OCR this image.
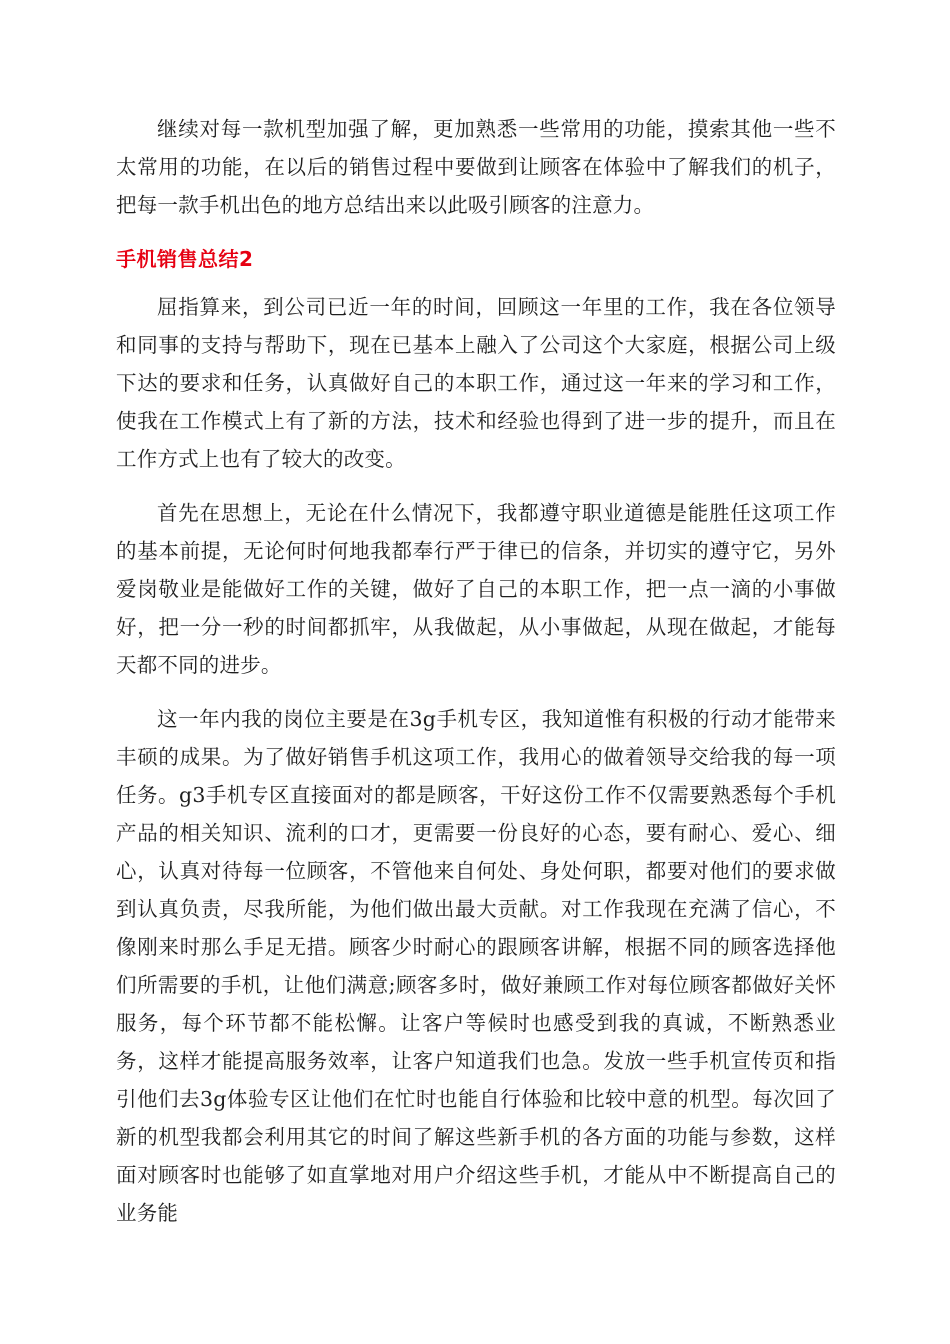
继续对每一款机型加强了解，更加熟悉一些常用的功能，摸索其他一些不太常用的功能，在以后的销售过程中要做到让顾客在体验中了解我们的机子，把每一款手机出色的地方总结出来以此吸引顾客的注意力。

手机销售总结2

屈指算来，到公司已近一年的时间，回顾这一年里的工作，我在各位领导和同事的支持与帮助下，现在已基本上融入了公司这个大家庭，根据公司上级下达的要求和任务，认真做好自己的本职工作，通过这一年来的学习和工作，使我在工作模式上有了新的方法，技术和经验也得到了进一步的提升，而且在工作方式上也有了较大的改变。

首先在思想上，无论在什么情况下，我都遵守职业道德是能胜任这项工作的基本前提，无论何时何地我都奉行严于律已的信条，并切实的遵守它，另外爱岗敬业是能做好工作的关键，做好了自己的本职工作，把一点一滴的小事做好，把一分一秒的时间都抓牢，从我做起，从小事做起，从现在做起，才能每天都不同的进步。

这一年内我的岗位主要是在3g手机专区，我知道惟有积极的行动才能带来丰硕的成果。为了做好销售手机这项工作，我用心的做着领导交给我的每一项任务。g3手机专区直接面对的都是顾客，干好这份工作不仅需要熟悉每个手机产品的相关知识、流利的口才，更需要一份良好的心态，要有耐心、爱心、细心，认真对待每一位顾客，不管他来自何处、身处何职，都要对他们的要求做到认真负责，尽我所能，为他们做出最大贡献。对工作我现在充满了信心，不像刚来时那么手足无措。顾客少时耐心的跟顾客讲解，根据不同的顾客选择他们所需要的手机，让他们满意;顾客多时，做好兼顾工作对每位顾客都做好关怀服务，每个环节都不能松懈。让客户等候时也感受到我的真诚，不断熟悉业务，这样才能提高服务效率，让客户知道我们也急。发放一些手机宣传页和指引他们去3g体验专区让他们在忙时也能自行体验和比较中意的机型。每次回了新的机型我都会利用其它的时间了解这些新手机的各方面的功能与参数，这样面对顾客时也能够了如直掌地对用户介绍这些手机，才能从中不断提高自己的业务能
